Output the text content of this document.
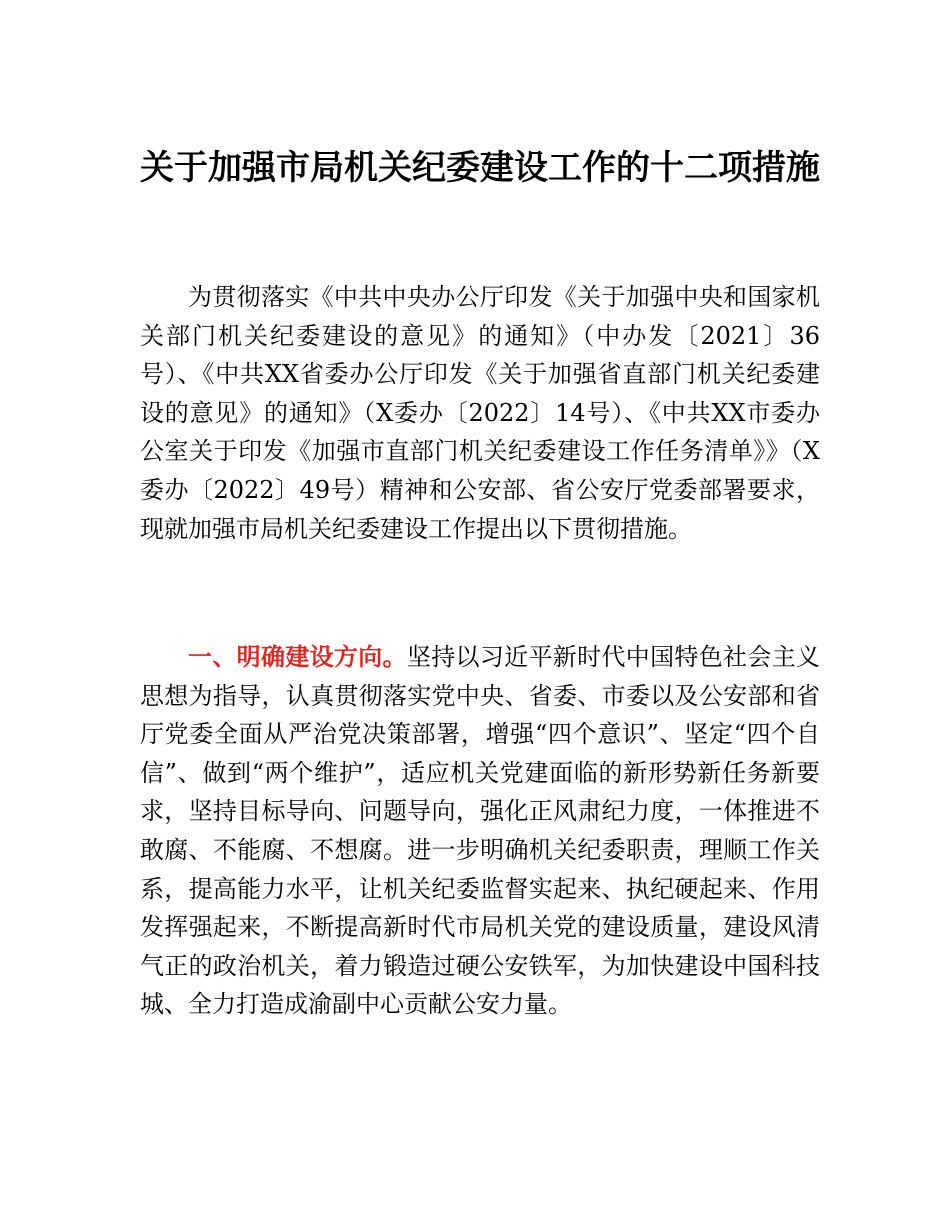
关于加强市局机关纪委建设工作的十二项措施

为贯彻落实《中共中央办公厅印发《关于加强中央和国家机关部门机关纪委建设的意见》的通知》（中办发〔2021〕36号）、《中共XX省委办公厅印发《关于加强省直部门机关纪委建设的意见》的通知》（X委办〔2022〕14号）、《中共XX市委办公室关于印发《加强市直部门机关纪委建设工作任务清单》》（X委办〔2022〕49号）精神和公安部、省公安厅党委部署要求，现就加强市局机关纪委建设工作提出以下贯彻措施。

一、明确建设方向。坚持以习近平新时代中国特色社会主义思想为指导，认真贯彻落实党中央、省委、市委以及公安部和省厅党委全面从严治党决策部署，增强“四个意识”、坚定“四个自信”、做到“两个维护”，适应机关党建面临的新形势新任务新要求，坚持目标导向、问题导向，强化正风肃纪力度，一体推进不敢腐、不能腐、不想腐。进一步明确机关纪委职责，理顺工作关系，提高能力水平，让机关纪委监督实起来、执纪硬起来、作用发挥强起来，不断提高新时代市局机关党的建设质量，建设风清气正的政治机关，着力锻造过硬公安铁军，为加快建设中国科技城、全力打造成渝副中心贡献公安力量。
